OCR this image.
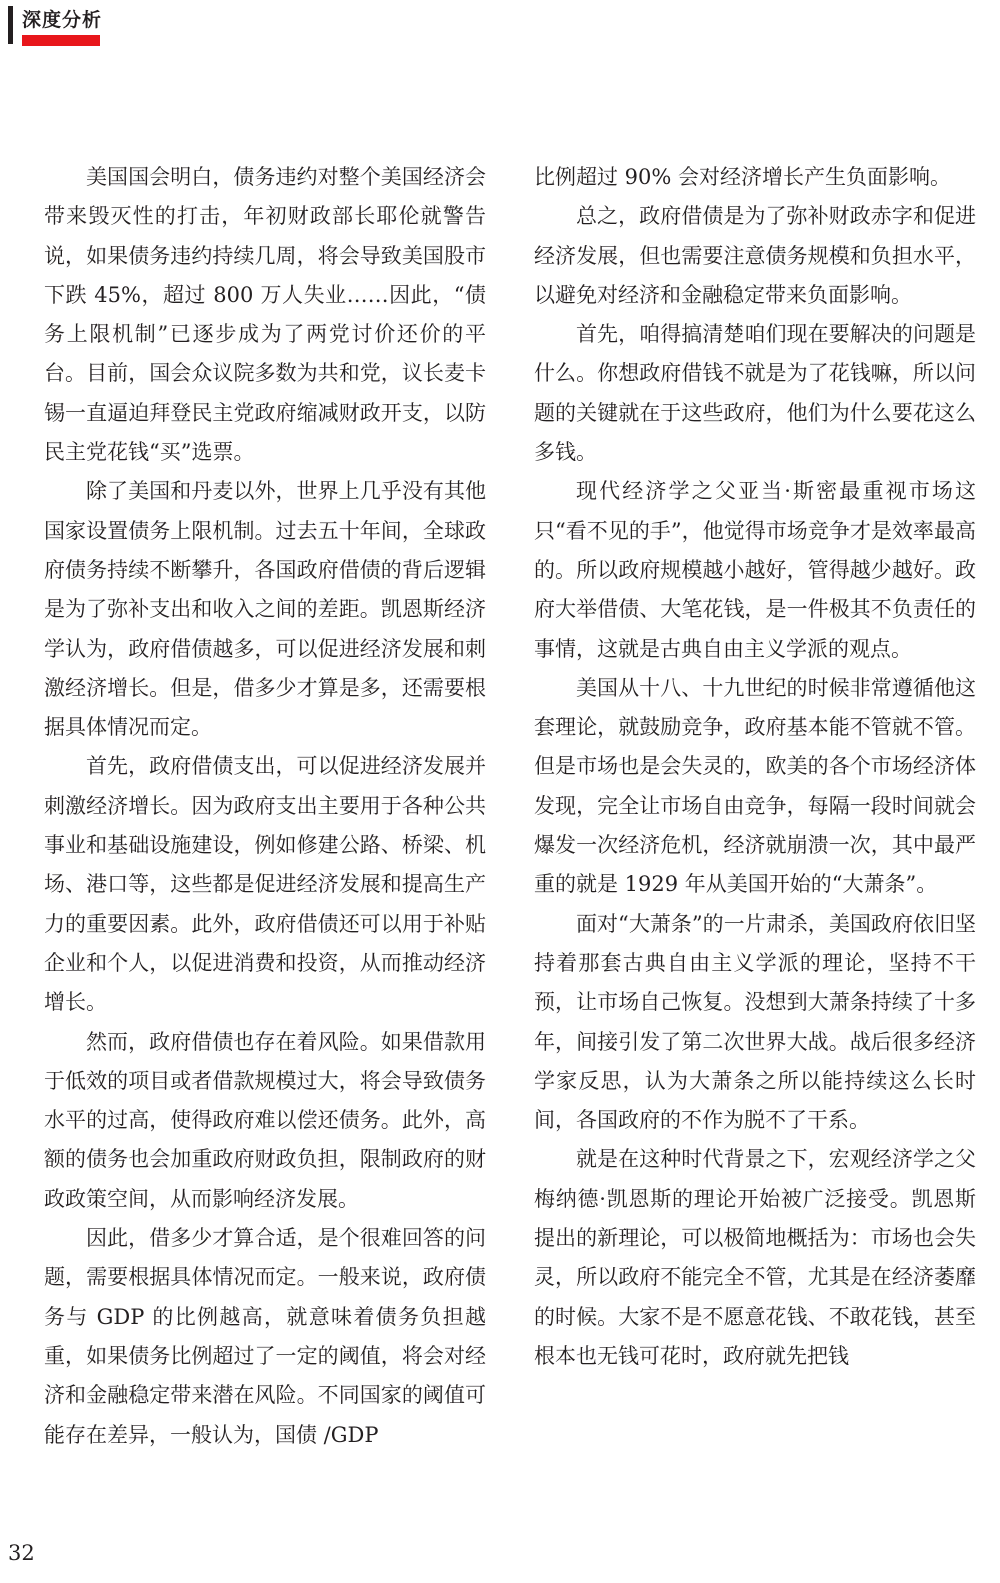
深度分析

美国国会明白，债务违约对整个美国经济会带来毁灭性的打击，年初财政部长耶伦就警告说，如果债务违约持续几周，将会导致美国股市下跌 45%，超过 800 万人失业……因此，“债务上限机制”已逐步成为了两党讨价还价的平台。目前，国会众议院多数为共和党，议长麦卡锡一直逼迫拜登民主党政府缩减财政开支，以防民主党花钱“买”选票。

除了美国和丹麦以外，世界上几乎没有其他国家设置债务上限机制。过去五十年间，全球政府债务持续不断攀升，各国政府借债的背后逻辑是为了弥补支出和收入之间的差距。凯恩斯经济学认为，政府借债越多，可以促进经济发展和刺激经济增长。但是，借多少才算是多，还需要根据具体情况而定。

首先，政府借债支出，可以促进经济发展并刺激经济增长。因为政府支出主要用于各种公共事业和基础设施建设，例如修建公路、桥梁、机场、港口等，这些都是促进经济发展和提高生产力的重要因素。此外，政府借债还可以用于补贴企业和个人，以促进消费和投资，从而推动经济增长。

然而，政府借债也存在着风险。如果借款用于低效的项目或者借款规模过大，将会导致债务水平的过高，使得政府难以偿还债务。此外，高额的债务也会加重政府财政负担，限制政府的财政政策空间，从而影响经济发展。

因此，借多少才算合适，是个很难回答的问题，需要根据具体情况而定。一般来说，政府债务与 GDP 的比例越高，就意味着债务负担越重，如果债务比例超过了一定的阈值，将会对经济和金融稳定带来潜在风险。不同国家的阈值可能存在差异，一般认为，国债 /GDP

比例超过 90% 会对经济增长产生负面影响。

总之，政府借债是为了弥补财政赤字和促进经济发展，但也需要注意债务规模和负担水平，以避免对经济和金融稳定带来负面影响。

首先，咱得搞清楚咱们现在要解决的问题是什么。你想政府借钱不就是为了花钱嘛，所以问题的关键就在于这些政府，他们为什么要花这么多钱。

现代经济学之父亚当·斯密最重视市场这只“看不见的手”，他觉得市场竞争才是效率最高的。所以政府规模越小越好，管得越少越好。政府大举借债、大笔花钱，是一件极其不负责任的事情，这就是古典自由主义学派的观点。

美国从十八、十九世纪的时候非常遵循他这套理论，就鼓励竞争，政府基本能不管就不管。但是市场也是会失灵的，欧美的各个市场经济体发现，完全让市场自由竞争，每隔一段时间就会爆发一次经济危机，经济就崩溃一次，其中最严重的就是 1929 年从美国开始的“大萧条”。

面对“大萧条”的一片肃杀，美国政府依旧坚持着那套古典自由主义学派的理论，坚持不干预，让市场自己恢复。没想到大萧条持续了十多年，间接引发了第二次世界大战。战后很多经济学家反思，认为大萧条之所以能持续这么长时间，各国政府的不作为脱不了干系。

就是在这种时代背景之下，宏观经济学之父梅纳德·凯恩斯的理论开始被广泛接受。凯恩斯提出的新理论，可以极简地概括为：市场也会失灵，所以政府不能完全不管，尤其是在经济萎靡的时候。大家不是不愿意花钱、不敢花钱，甚至根本也无钱可花时，政府就先把钱

32
